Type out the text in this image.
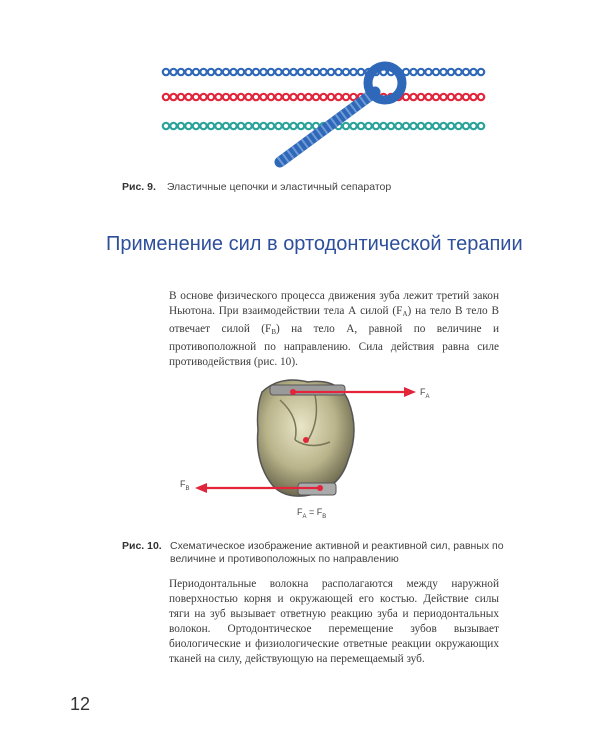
Рис. 9. Эластичные цепочки и эластичный сепаратор
Применение сил в ортодонтической терапии

В основе физического процесса движения зуба лежит третий закон Ньютона. При взаимодействии тела А силой $(F_A)$ на тело В тело В отвечает силой $(F_B)$ на тело А, равной по величине и противоположной по направлению. Сила действия равна силе противодействия (рис. 10).

$F_A$
$F_B$
$F_A = F_B$
Рис. 10. Схематическое изображение активной и реактивной сил, равных по величине и противоположных по направлению

Периодонтальные волокна располагаются между наружной поверхностью корня и окружающей его костью. Действие силы тяги на зуб вызывает ответную реакцию зуба и периодонтальных волокон. Ортодонтическое перемещение зубов вызывает биологические и физиологические ответные реакции окружающих тканей на силу, действующую на перемещаемый зуб.

12
